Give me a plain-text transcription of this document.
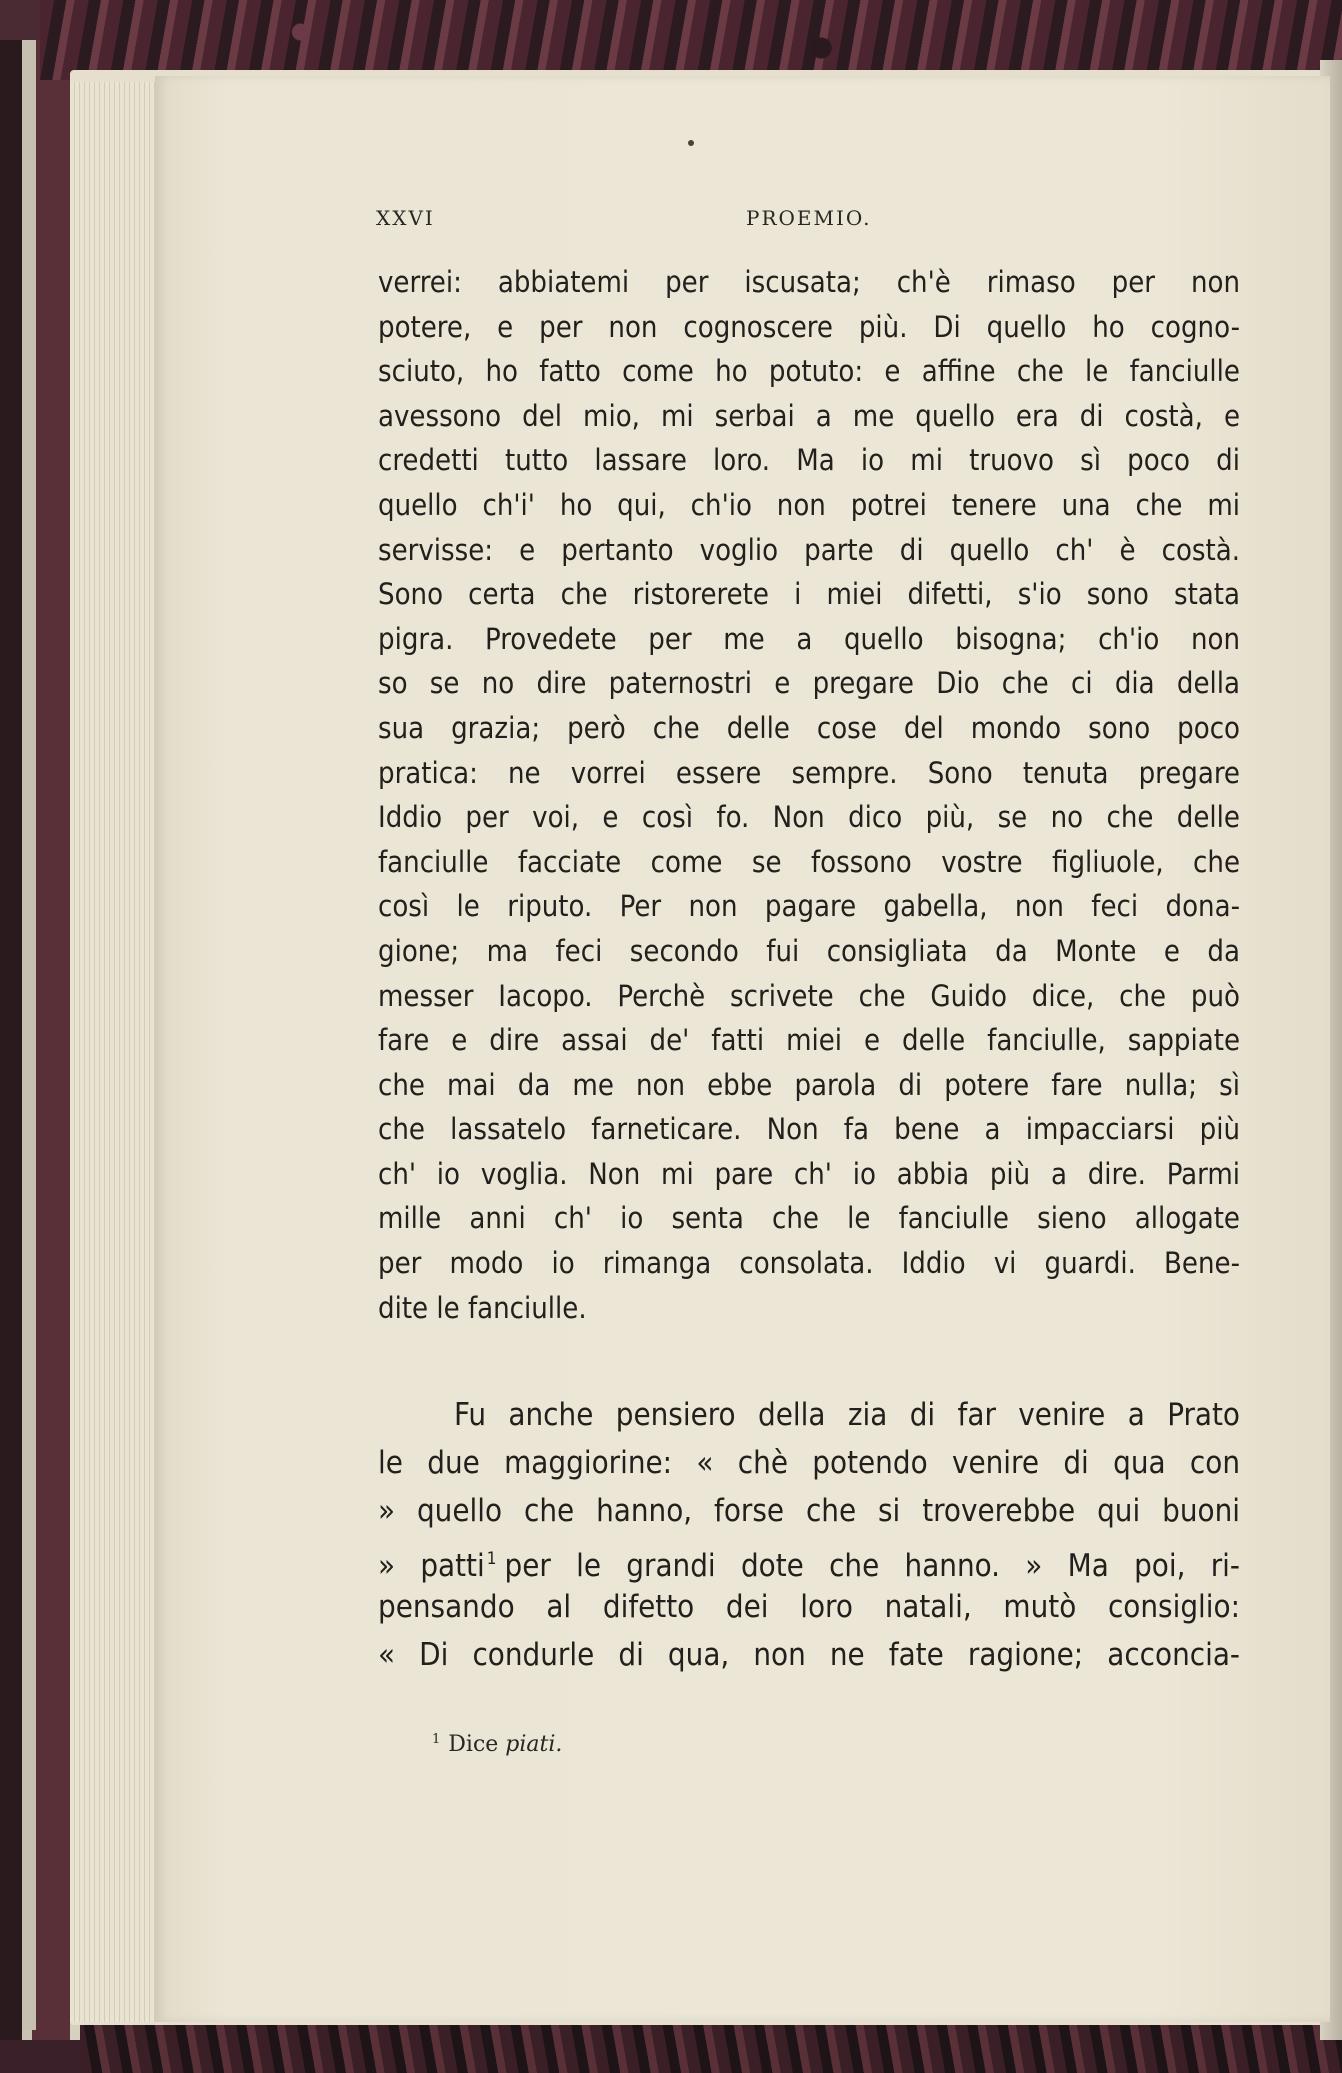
XXVI	PROEMIO.
verrei: abbiatemi per iscusata; ch'è rimaso per non
potere, e per non cognoscere più. Di quello ho cogno-
sciuto, ho fatto come ho potuto: e affine che le fanciulle
avessono del mio, mi serbai a me quello era di costà, e
credetti tutto lassare loro. Ma io mi truovo sì poco di
quello ch'i' ho qui, ch'io non potrei tenere una che mi
servisse: e pertanto voglio parte di quello ch' è costà.
Sono certa che ristorerete i miei difetti, s'io sono stata
pigra. Provedete per me a quello bisogna; ch'io non
so se no dire paternostri e pregare Dio che ci dia della
sua grazia; però che delle cose del mondo sono poco
pratica: ne vorrei essere sempre. Sono tenuta pregare
Iddio per voi, e così fo. Non dico più, se no che delle
fanciulle facciate come se fossono vostre figliuole, che
così le riputo. Per non pagare gabella, non feci dona-
gione; ma feci secondo fui consigliata da Monte e da
messer Iacopo. Perchè scrivete che Guido dice, che può
fare e dire assai de' fatti miei e delle fanciulle, sappiate
che mai da me non ebbe parola di potere fare nulla; sì
che lassatelo farneticare. Non fa bene a impacciarsi più
ch' io voglia. Non mi pare ch' io abbia più a dire. Parmi
mille anni ch' io senta che le fanciulle sieno allogate
per modo io rimanga consolata. Iddio vi guardi. Bene-
dite le fanciulle.
Fu anche pensiero della zia di far venire a Prato
le due maggiorine: « chè potendo venire di qua con
» quello che hanno, forse che si troverebbe qui buoni
» patti $^1$ per le grandi dote che hanno. » Ma poi, ri-
pensando al difetto dei loro natali, mutò consiglio:
« Di condurle di qua, non ne fate ragione; acconcia-
$^1$ Dice piati.
